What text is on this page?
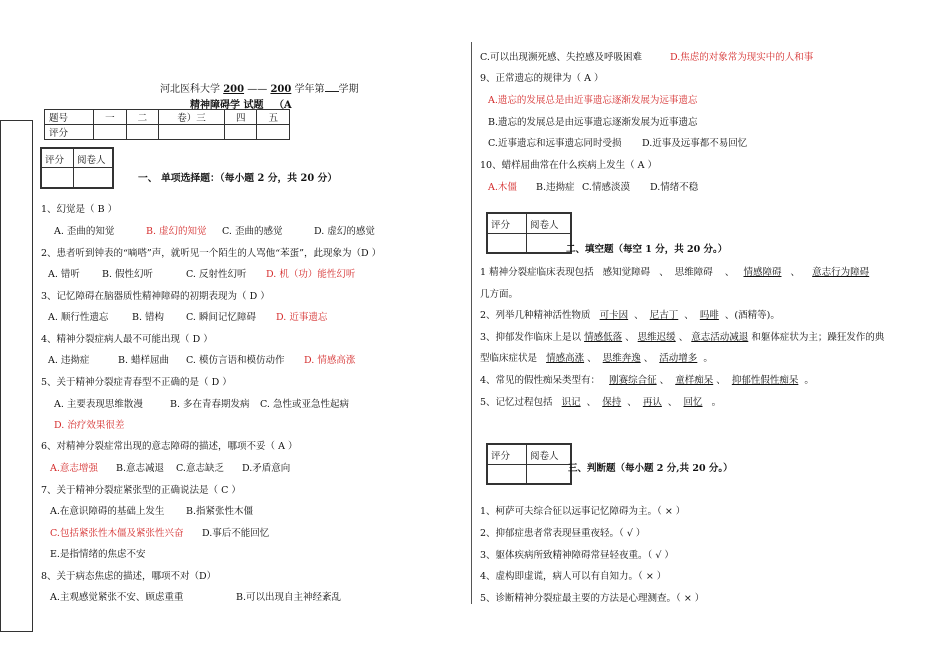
河北医科大学 200 —— 200 学年第 学期
精神障碍学 试题 （A
题号	一	二	卷）三	四	五
评分					
评分	阅卷人
一、 单项选择题：（每小题 2 分，共 20 分）
1、幻觉是（ B ）
A. 歪曲的知觉	B. 虚幻的知觉 C. 歪曲的感觉	D. 虚幻的感觉
2、患者听到钟表的“嘀嗒”声，就听见一个陌生的人骂他“苯蛋”，此现象为（D ）
A. 错听 B. 假性幻听	C. 反射性幻听 D. 机（功）能性幻听
3、记忆障碍在脑器质性精神障碍的初期表现为（ D ）
A. 顺行性遗忘 B. 错构 C. 瞬间记忆障碍 D. 近事遗忘
4、精神分裂症病人最不可能出现（ D ）
A. 违拗症	B. 蜡样屈曲 C. 模仿言语和模仿动作 D. 情感高涨
5、关于精神分裂症青春型不正确的是（ D ）
A. 主要表现思维散漫	B. 多在青春期发病 C. 急性或亚急性起病
D. 治疗效果很差
6、对精神分裂症常出现的意志障碍的描述，哪项不妥（ A ）
A.意志增强 B.意志减退 C.意志缺乏 D.矛盾意向
7、关于精神分裂症紧张型的正确说法是（ C ）
A.在意识障碍的基础上发生 B.指紧张性木僵
C.包括紧张性木僵及紧张性兴奋 D.事后不能回忆
E.是指情绪的焦虑不安
8、关于病态焦虑的描述，哪项不对（D）
A.主观感觉紧张不安、顾虑重重	B.可以出现自主神经紊乱
C.可以出现濒死感、失控感及呼吸困难	D.焦虑的对象常为现实中的人和事
9、正常遗忘的规律为（ A ）
A.遗忘的发展总是由近事遗忘逐渐发展为远事遗忘
B.遗忘的发展总是由远事遗忘逐渐发展为近事遗忘
C.近事遗忘和远事遗忘同时受损 D.近事及远事都不易回忆
10、蜡样屈曲常在什么疾病上发生（ A ）
A.木僵 B.违拗症 C.情感淡漠 D.情绪不稳
评分	阅卷人
二、填空题（每空 1 分，共 20 分。）
1 精神分裂症临床表现包括 感知觉障碍 、 思维障碍 、 情感障碍 、 意志行为障碍
几方面。
2、列举几种精神活性物质 可卡因 、 尼古丁 、 吗啡 、(酒精等)。
3、抑郁发作临床上是以 情感低落 、 思维迟缓 、 意志活动减退 和躯体症状为主；躁狂发作的典
型临床症状是 情感高涨 、 思维奔逸 、 活动增多 。
4、常见的假性痴呆类型有： 刚赛综合征 、 童样痴呆 、 抑郁性假性痴呆 。
5、记忆过程包括 识记 、 保持 、 再认 、 回忆 。
评分	阅卷人
三、判断题（每小题 2 分,共 20 分。）
1、柯萨可夫综合征以远事记忆障碍为主。（ × ）
2、抑郁症患者常表现昼重夜轻。（ √ ）
3、躯体疾病所致精神障碍常昼轻夜重。（ √ ）
4、虚构即虚谎，病人可以有自知力。（ × ）
5、诊断精神分裂症最主要的方法是心理测查。（ × ）
